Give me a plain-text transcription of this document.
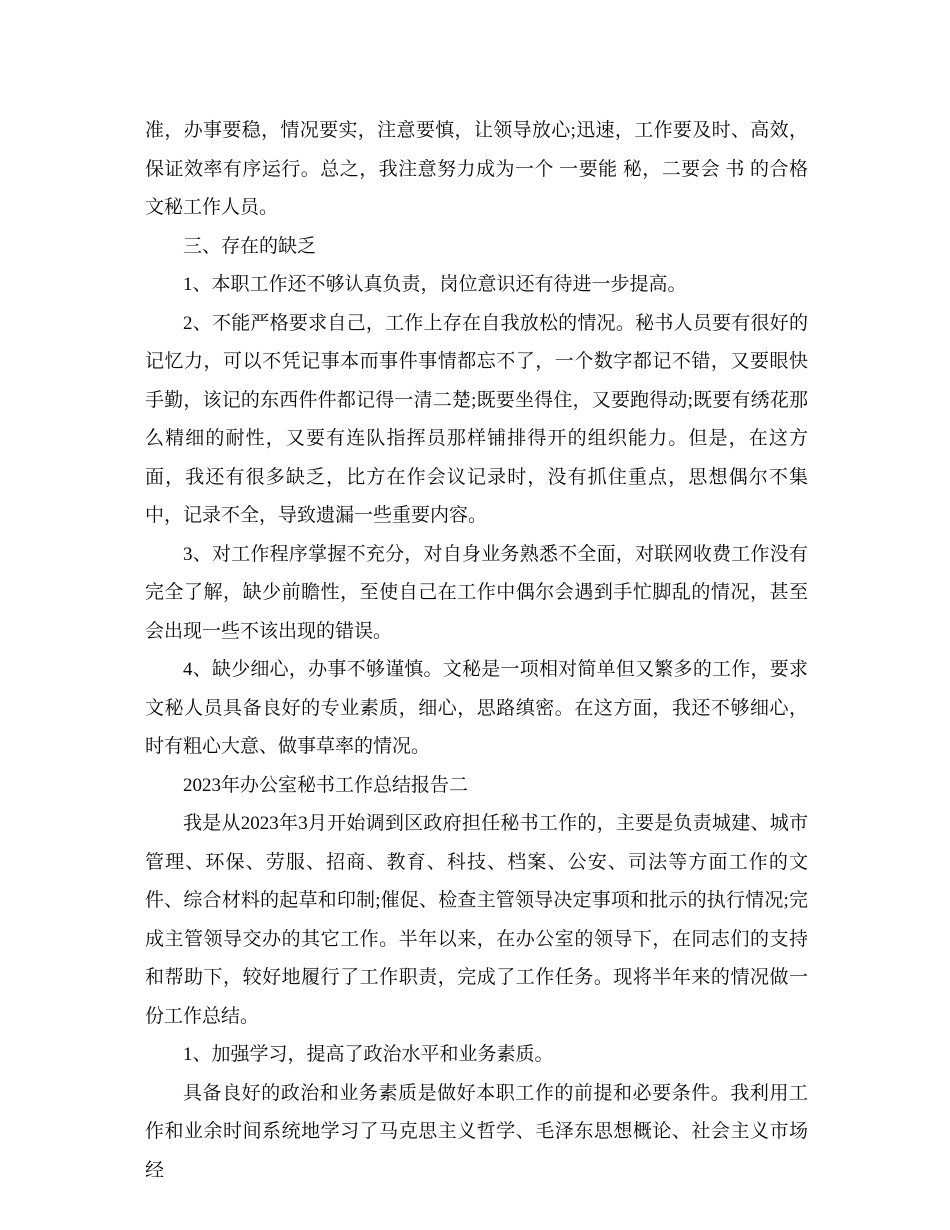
准，办事要稳，情况要实，注意要慎，让领导放心;迅速，工作要及时、高效，保证效率有序运行。总之，我注意努力成为一个 一要能 秘，二要会 书 的合格文秘工作人员。

三、存在的缺乏

1、本职工作还不够认真负责，岗位意识还有待进一步提高。

2、不能严格要求自己，工作上存在自我放松的情况。秘书人员要有很好的记忆力，可以不凭记事本而事件事情都忘不了，一个数字都记不错，又要眼快手勤，该记的东西件件都记得一清二楚;既要坐得住，又要跑得动;既要有绣花那么精细的耐性，又要有连队指挥员那样铺排得开的组织能力。但是，在这方面，我还有很多缺乏，比方在作会议记录时，没有抓住重点，思想偶尔不集中，记录不全，导致遗漏一些重要内容。

3、对工作程序掌握不充分，对自身业务熟悉不全面，对联网收费工作没有完全了解，缺少前瞻性，至使自己在工作中偶尔会遇到手忙脚乱的情况，甚至会出现一些不该出现的错误。

4、缺少细心，办事不够谨慎。文秘是一项相对简单但又繁多的工作，要求文秘人员具备良好的专业素质，细心，思路缜密。在这方面，我还不够细心，时有粗心大意、做事草率的情况。

2023年办公室秘书工作总结报告二

我是从2023年3月开始调到区政府担任秘书工作的，主要是负责城建、城市管理、环保、劳服、招商、教育、科技、档案、公安、司法等方面工作的文件、综合材料的起草和印制;催促、检查主管领导决定事项和批示的执行情况;完成主管领导交办的其它工作。半年以来，在办公室的领导下，在同志们的支持和帮助下，较好地履行了工作职责，完成了工作任务。现将半年来的情况做一份工作总结。

1、加强学习，提高了政治水平和业务素质。

具备良好的政治和业务素质是做好本职工作的前提和必要条件。我利用工作和业余时间系统地学习了马克思主义哲学、毛泽东思想概论、社会主义市场经
